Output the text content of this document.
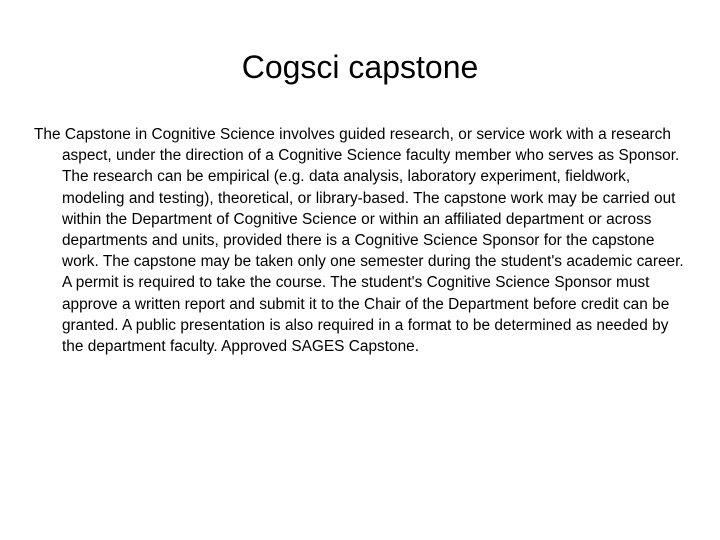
Cogsci capstone

The Capstone in Cognitive Science involves guided research, or service work with a research aspect, under the direction of a Cognitive Science faculty member who serves as Sponsor. The research can be empirical (e.g. data analysis, laboratory experiment, fieldwork, modeling and testing), theoretical, or library-based. The capstone work may be carried out within the Department of Cognitive Science or within an affiliated department or across departments and units, provided there is a Cognitive Science Sponsor for the capstone work. The capstone may be taken only one semester during the student's academic career. A permit is required to take the course. The student's Cognitive Science Sponsor must approve a written report and submit it to the Chair of the Department before credit can be granted. A public presentation is also required in a format to be determined as needed by the department faculty. Approved SAGES Capstone.
